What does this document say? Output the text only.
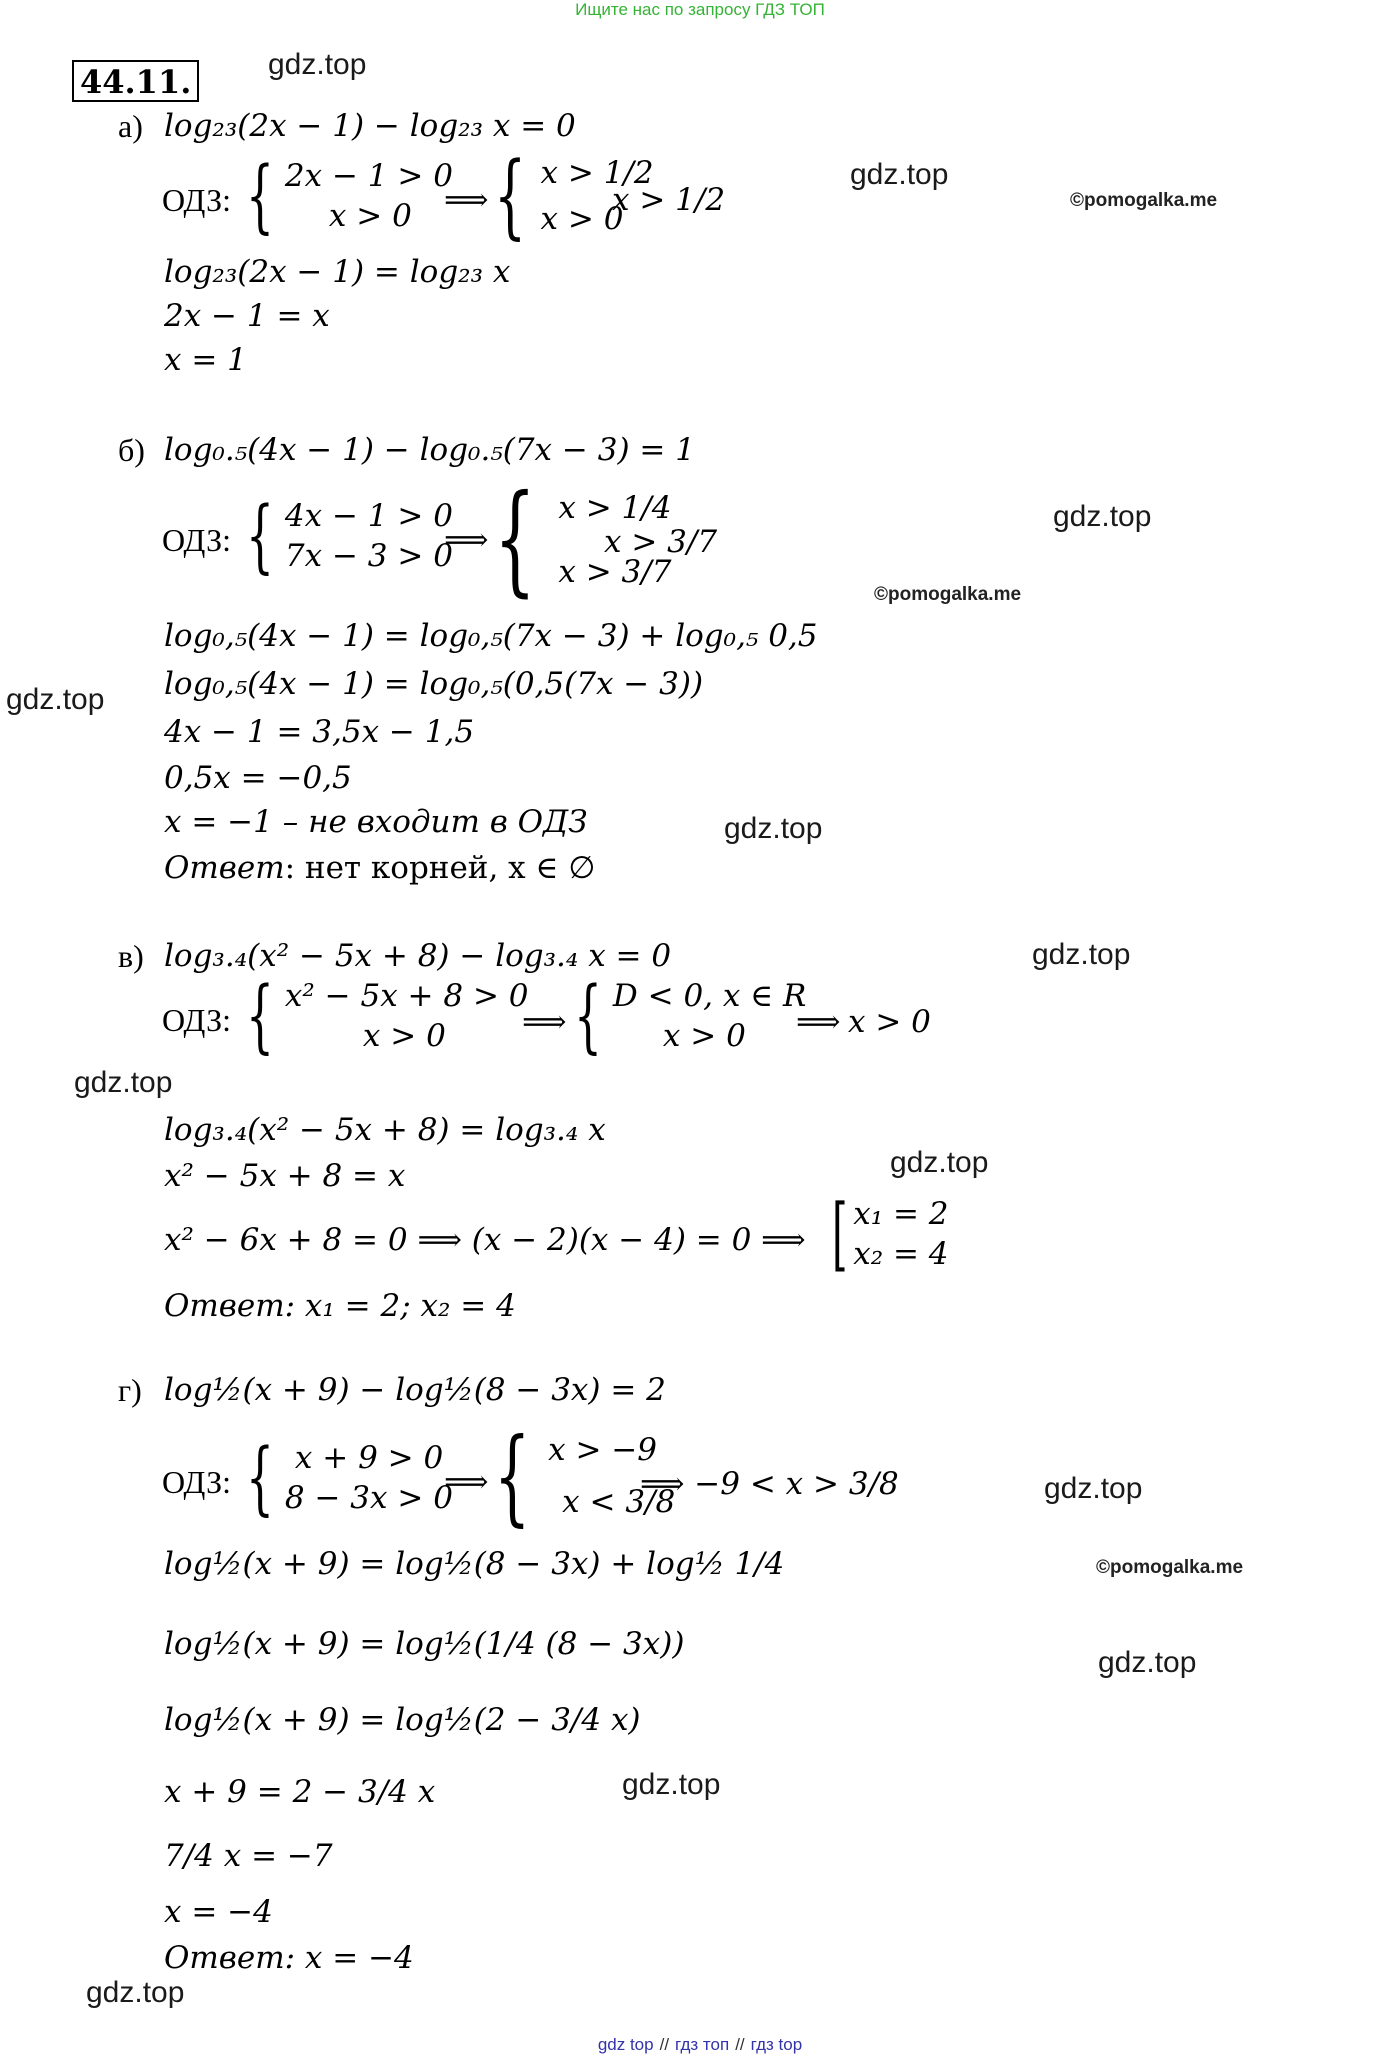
Ищите нас по запросу ГДЗ ТОП
44.11.	gdz.top
gdz.top
©pomogalka.me
gdz.top
©pomogalka.me
gdz.top
gdz.top
gdz.top
gdz.top
gdz.top
gdz.top
©pomogalka.me
gdz.top
gdz.top
gdz.top
а) log₂₃(2x − 1) − log₂₃ x = 0
ОДЗ: { 2x − 1 > 0
x > 0	⟹ { x > 1/2
x > 0
x > 1/2
log₂₃(2x − 1) = log₂₃ x
2x − 1 = x
x = 1
б) log₀.₅(4x − 1) − log₀.₅(7x − 3) = 1
ОДЗ: { 4x − 1 > 0
7x − 3 > 0
⟹ { x > 1/4
x > 3/7
x > 3/7
log₀,₅(4x − 1) = log₀,₅(7x − 3) + log₀,₅ 0,5
log₀,₅(4x − 1) = log₀,₅(0,5(7x − 3))
4x − 1 = 3,5x − 1,5
0,5x = −0,5
x = −1 – не входит в ОДЗ
Ответ: нет корней, x ∈ ∅
в) log₃.₄(x² − 5x + 8) − log₃.₄ x = 0
ОДЗ: { x² − 5x + 8 > 0
x > 0	⟹ { D < 0, x ∈ R
x > 0	⟹ x > 0
log₃.₄(x² − 5x + 8) = log₃.₄ x
x² − 5x + 8 = x
x² − 6x + 8 = 0 ⟹ (x − 2)(x − 4) = 0 ⟹ [ x₁ = 2
x₂ = 4
Ответ: x₁ = 2; x₂ = 4
г) log½(x + 9) − log½(8 − 3x) = 2
ОДЗ: { x + 9 > 0
8 − 3x > 0
⟹ { x > −9
x < 3/8
⟹ −9 < x > 3/8
log½(x + 9) = log½(8 − 3x) + log½ 1/4
log½(x + 9) = log½(1/4 (8 − 3x))
log½(x + 9) = log½(2 − 3/4 x)
x + 9 = 2 − 3/4 x
7/4 x = −7
x = −4
Ответ: x = −4
gdz top // гдз топ // гдз top
